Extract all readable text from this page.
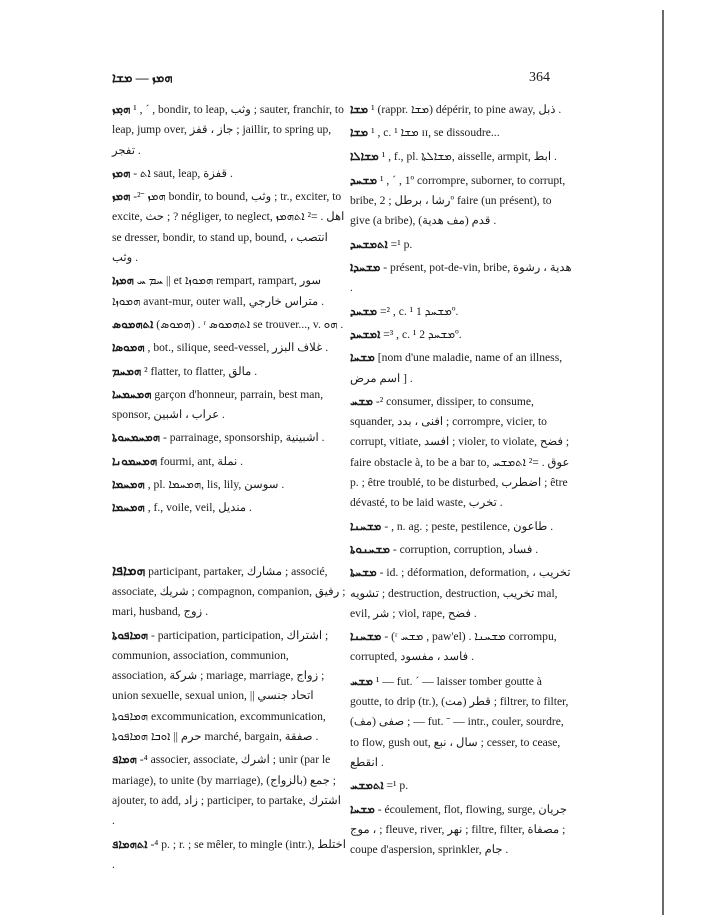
ܗܡܙ — ܡܫܐ	364
ܗܡ݂ܙ ¹ , ´ , bondir, to leap, وثب ; sauter, franchir, to leap, jump over, جاز ، قفز ; jaillir, to spring up, تفجر .
ܗܡܙ - ܐܬ saut, leap, قفزة .
ܗܡܙ -²ˉ ܗܡܙ bondir, to bound, وثب ; tr., exciter, to excite, حث ; ? négliger, to neglect, اهل . =² ܐܬܗܡܙ se dresser, bondir, to stand up, bound, انتصب ، وثب .
ܗܡܙܐ ܚܡ ܚ || et ܗܡܘܙܐ rempart, rampart, سور ܗܡܘܙܐ avant-mur, outer wall, متراس خارجي .
ܐܬܗܡܘܣ (ܗܡܘܣ) . ʳ ܐܬܗܡܘܣ se trouver..., v. ܗܘ .
ܗܡܘܣܐ , bot., silique, seed-vessel, غلاف البزر .
ܗܡܚܡ ² flatter, to flatter, مالق .
ܗܡܚܡܚܐ garçon d'honneur, parrain, best man, sponsor, عراب ، اشبين .
ܗܡܚܡܚܘܬܐ - parrainage, sponsorship, اشبينية .
ܗܡܚܡܘܢܐ fourmi, ant, نملة .
ܗܡܚܡܐ , pl. ܗܡܚܡܐ, lis, lily, سوسن .
ܗܡܚܡܐ , f., voile, veil, منديل .
ܗܡܐܦܐ participant, partaker, مشارك ; associé, associate, شريك ; compagnon, companion, رفيق ; mari, husband, زوج .
ܗܡܐܦܘܬܐ - participation, participation, اشتراك ; communion, association, communion, association, شركة ; mariage, marriage, زواج ; union sexuelle, sexual union, اتحاد جنسي || ܗܡܐܦܘܬܐ excommunication, excommunication, حرم || ܐܘܒܐ ܗܡܐܦܘܬܐ marché, bargain, صفقة .
ܗܡܐܦ -⁴ associer, associate, اشرك ; unir (par le mariage), to unite (by marriage), جمع (بالزواج) ; ajouter, to add, زاد ; participer, to partake, اشترك .
ܐܬܗܡܐܦ -⁴ p. ; r. ; se mêler, to mingle (intr.), اختلط .
ܡܫܐ ¹ (rappr. ܡܫܐ) dépérir, to pine away, ذبل .
ܡܫܐ ¹ , c. ¹ ܡܫܐ ɪɪ, se dissoudre...
ܡܫܐܠܐ ¹ , f., pl. ܡܫܐܠܬܐ, aisselle, armpit, ابط .
ܡܫܚܕ ¹ , ´ , 1º corrompre, suborner, to corrupt, bribe, رشا ، برطل ; 2º faire (un présent), to give (a bribe), قدم (مف هدية) .
ܐܬܡܫܚܕ =¹ p.
ܡܫܚܕܐ - présent, pot-de-vin, bribe, هدية ، رشوة .
ܡܫܚܕ =² , c. ¹ ܡܫܚܕ 1º.
ܐܡܫܚܕ =³ , c. ¹ ܡܫܚܕ 2º.
ܡܫܚܐ [nom d'une maladie, name of an illness, اسم مرض ] .
ܡܫܚ -² consumer, dissiper, to consume, squander, افنى ، بدد ; corrompre, vicier, to corrupt, vitiate, افسد ; violer, to violate, فضح ; faire obstacle à, to be a bar to, عوق . =² ܐܬܡܫܚ p. ; être troublé, to be disturbed, اضطرب ; être dévasté, to be laid waste, تخرب .
ܡܫܚܢܐ - , n. ag. ; peste, pestilence, طاعون .
ܡܫܚܢܘܬܐ - corruption, corruption, فساد .
ܡܫܚܬܐ - id. ; déformation, deformation, تخريب ، تشويه ; destruction, destruction, تخريب mal, evil, شر ; viol, rape, فضح .
ܡܫܚܢܐ - (ʳ ܡܫܚ , paw'el) . ܡܫܚܢܐ corrompu, corrupted, فاسد ، مفسود .
ܡܫܚ ¹ — fut. ´ — laisser tomber goutte à goutte, to drip (tr.), قطر (مت) ; filtrer, to filter, صفى (مف) ; — fut. ˉ — intr., couler, sourdre, to flow, gush out, سال ، نبع ; cesser, to cease, انقطع .
ܐܬܡܫܚ =¹ p.
ܡܫܚܐ - écoulement, flot, flowing, surge, جريان ، موج ; fleuve, river, نهر ; filtre, filter, مصفاة ; coupe d'aspersion, sprinkler, جام .
